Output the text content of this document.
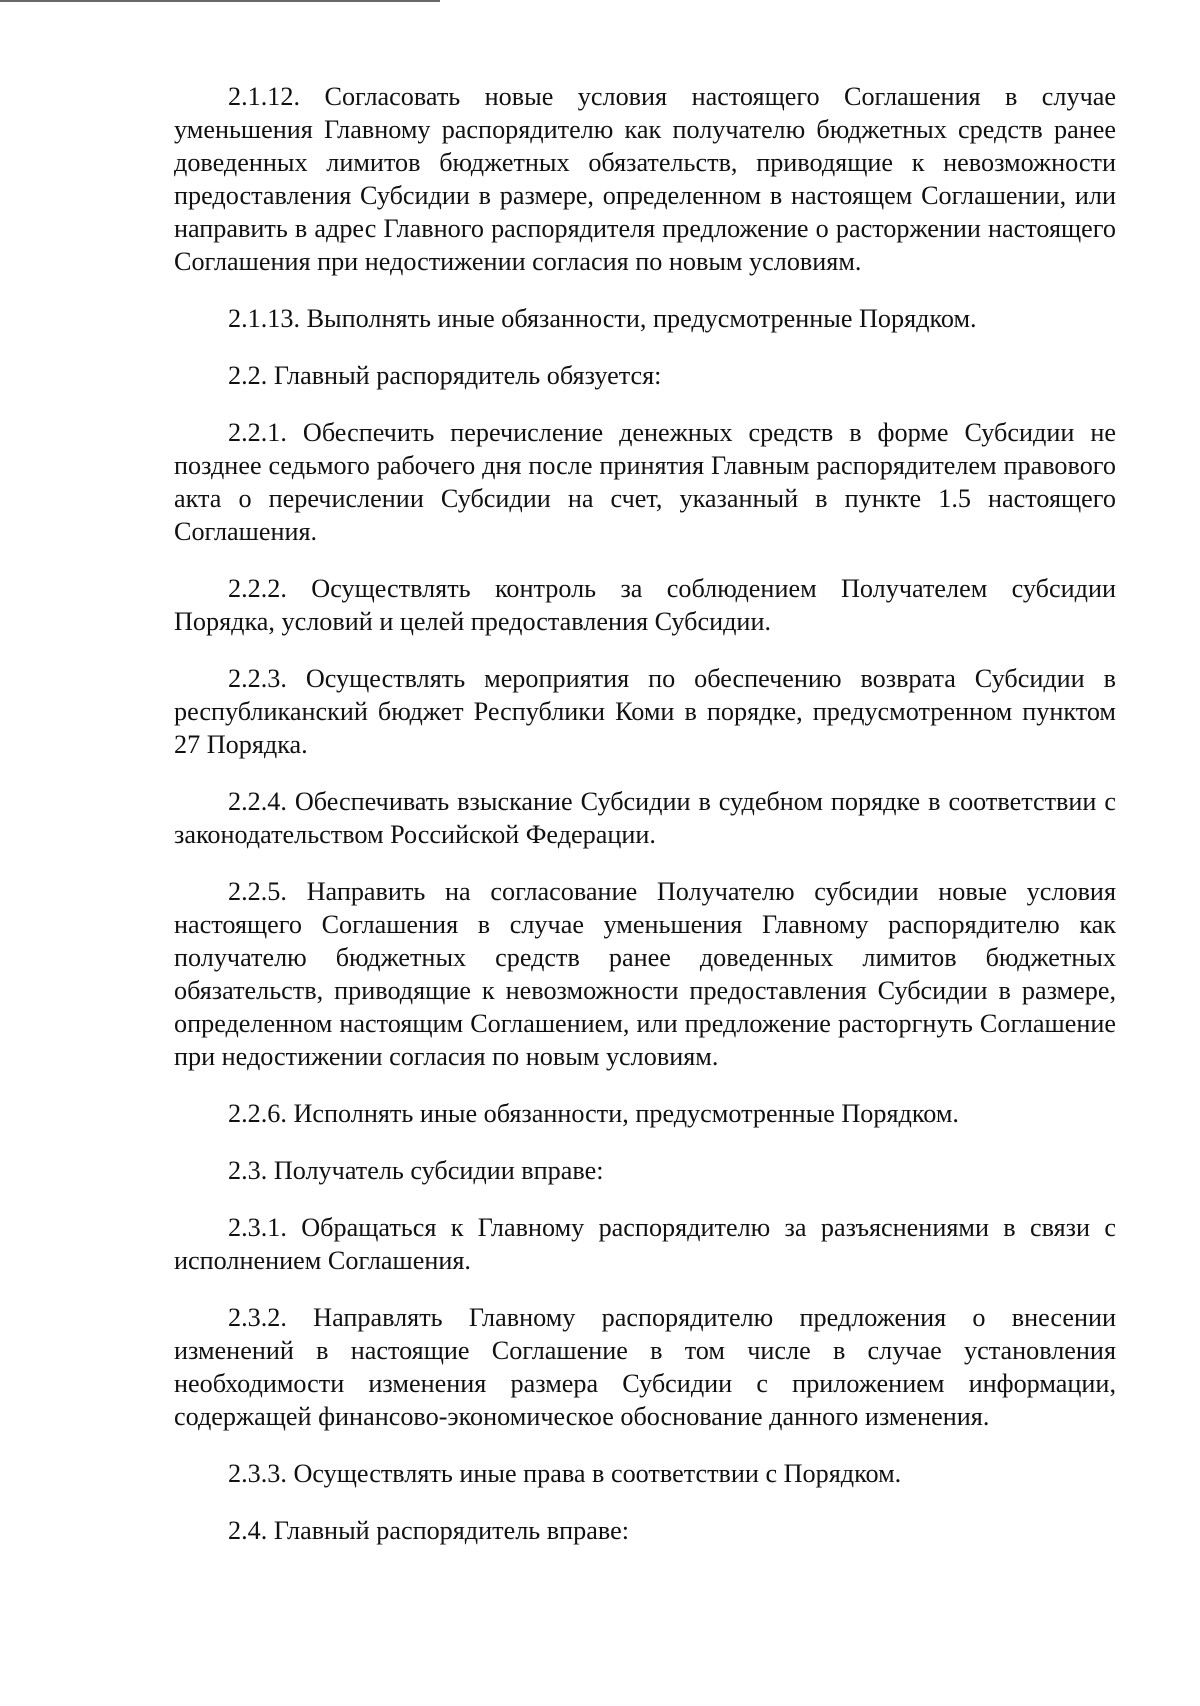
2.1.12. Согласовать новые условия настоящего Соглашения в случае уменьшения Главному распорядителю как получателю бюджетных средств ранее доведенных лимитов бюджетных обязательств, приводящие к невозможности предоставления Субсидии в размере, определенном в настоящем Соглашении, или направить в адрес Главного распорядителя предложение о расторжении настоящего Соглашения при недостижении согласия по новым условиям.

2.1.13. Выполнять иные обязанности, предусмотренные Порядком.

2.2. Главный распорядитель обязуется:

2.2.1. Обеспечить перечисление денежных средств в форме Субсидии не позднее седьмого рабочего дня после принятия Главным распорядителем правового акта о перечислении Субсидии на счет, указанный в пункте 1.5 настоящего Соглашения.

2.2.2. Осуществлять контроль за соблюдением Получателем субсидии Порядка, условий и целей предоставления Субсидии.

2.2.3. Осуществлять мероприятия по обеспечению возврата Субсидии в республиканский бюджет Республики Коми в порядке, предусмотренном пунктом 27 Порядка.

2.2.4. Обеспечивать взыскание Субсидии в судебном порядке в соответствии с законодательством Российской Федерации.

2.2.5. Направить на согласование Получателю субсидии новые условия настоящего Соглашения в случае уменьшения Главному распорядителю как получателю бюджетных средств ранее доведенных лимитов бюджетных обязательств, приводящие к невозможности предоставления Субсидии в размере, определенном настоящим Соглашением, или предложение расторгнуть Соглашение при недостижении согласия по новым условиям.

2.2.6. Исполнять иные обязанности, предусмотренные Порядком.

2.3. Получатель субсидии вправе:

2.3.1. Обращаться к Главному распорядителю за разъяснениями в связи с исполнением Соглашения.

2.3.2. Направлять Главному распорядителю предложения о внесении изменений в настоящие Соглашение в том числе в случае установления необходимости изменения размера Субсидии с приложением информации, содержащей финансово-экономическое обоснование данного изменения.

2.3.3. Осуществлять иные права в соответствии с Порядком.

2.4. Главный распорядитель вправе:
